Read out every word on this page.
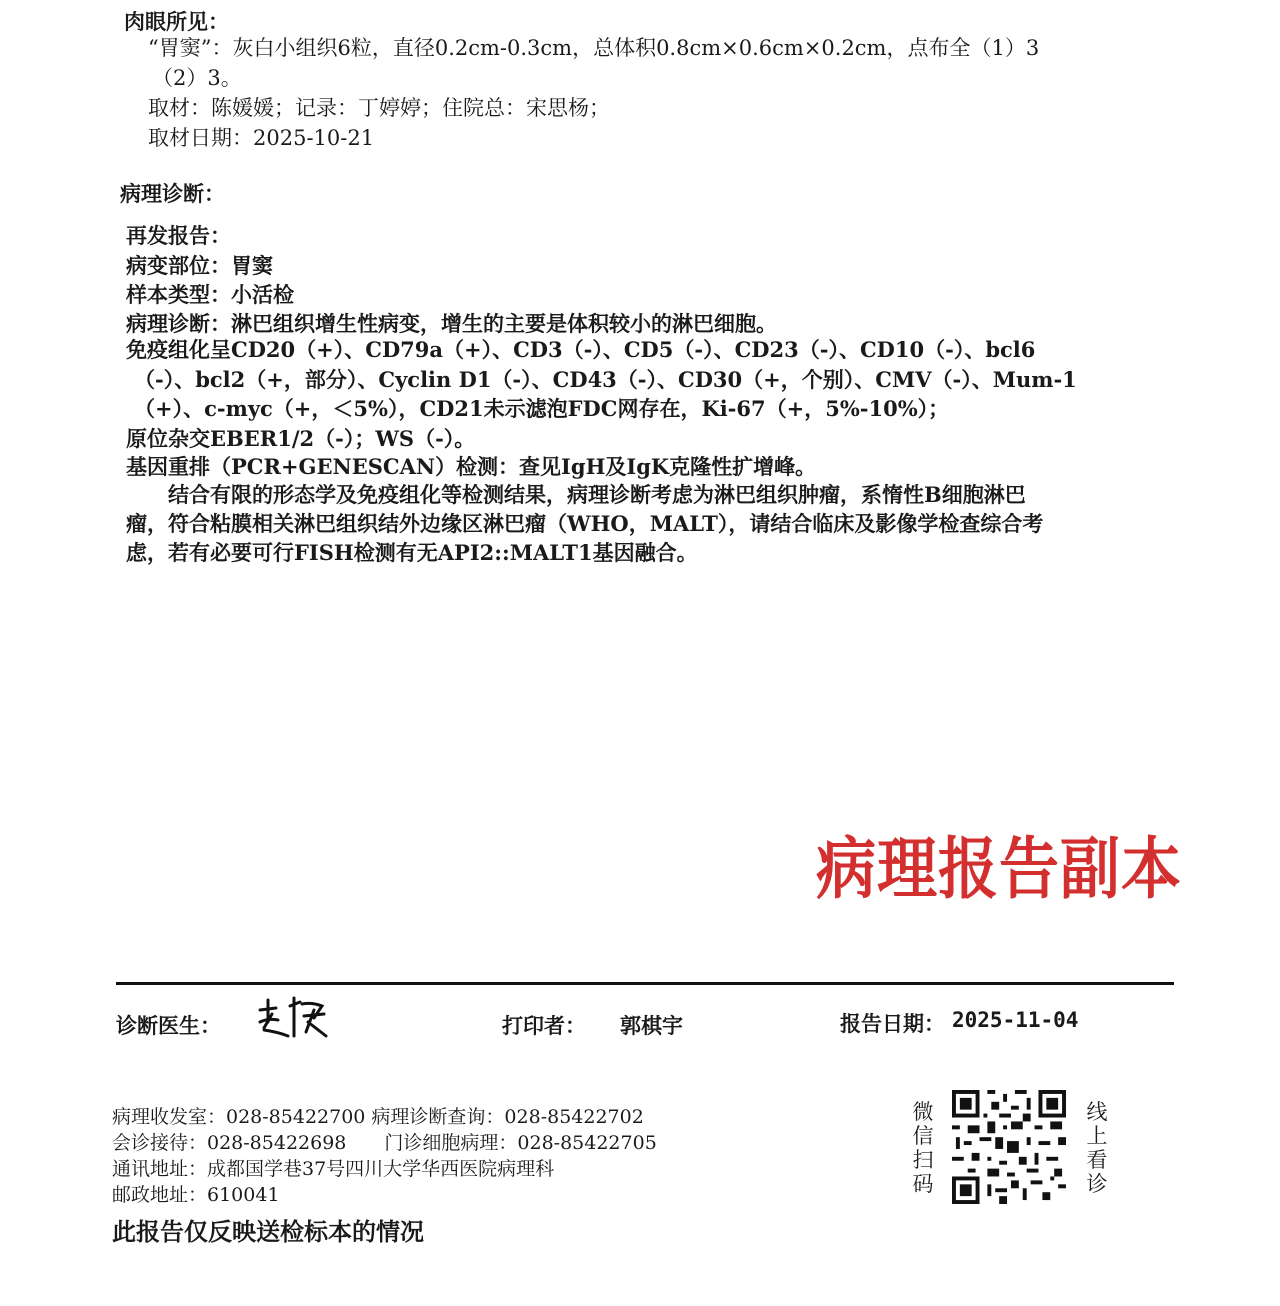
肉眼所见：
“胃窦”：灰白小组织6粒，直径0.2cm-0.3cm，总体积0.8cm×0.6cm×0.2cm，点布全（1）3
（2）3。
取材：陈媛媛；记录：丁婷婷；住院总：宋思杨；
取材日期：2025-10-21
病理诊断：
再发报告：
病变部位：胃窦
样本类型：小活检
病理诊断：淋巴组织增生性病变，增生的主要是体积较小的淋巴细胞。
免疫组化呈CD20（+）、CD79a（+）、CD3（-）、CD5（-）、CD23（-）、CD10（-）、bcl6
（-）、bcl2（+，部分）、Cyclin D1（-）、CD43（-）、CD30（+，个别）、CMV（-）、Mum-1
（+）、c-myc（+，＜5%），CD21未示滤泡FDC网存在，Ki-67（+，5%-10%）；
原位杂交EBER1/2（-）；WS（-）。
基因重排（PCR+GENESCAN）检测：查见IgH及IgK克隆性扩增峰。
　　结合有限的形态学及免疫组化等检测结果，病理诊断考虑为淋巴组织肿瘤，系惰性B细胞淋巴
瘤，符合粘膜相关淋巴组织结外边缘区淋巴瘤（WHO，MALT），请结合临床及影像学检查综合考
虑，若有必要可行FISH检测有无API2::MALT1基因融合。
病理报告副本
诊断医生：	打印者： 郭棋宇	报告日期： 2025-11-04
病理收发室：028-85422700 病理诊断查询：028-85422702
会诊接待：028-85422698　　门诊细胞病理：028-85422705
通讯地址：成都国学巷37号四川大学华西医院病理科
邮政地址：610041
微信扫码
线上看诊
此报告仅反映送检标本的情况
